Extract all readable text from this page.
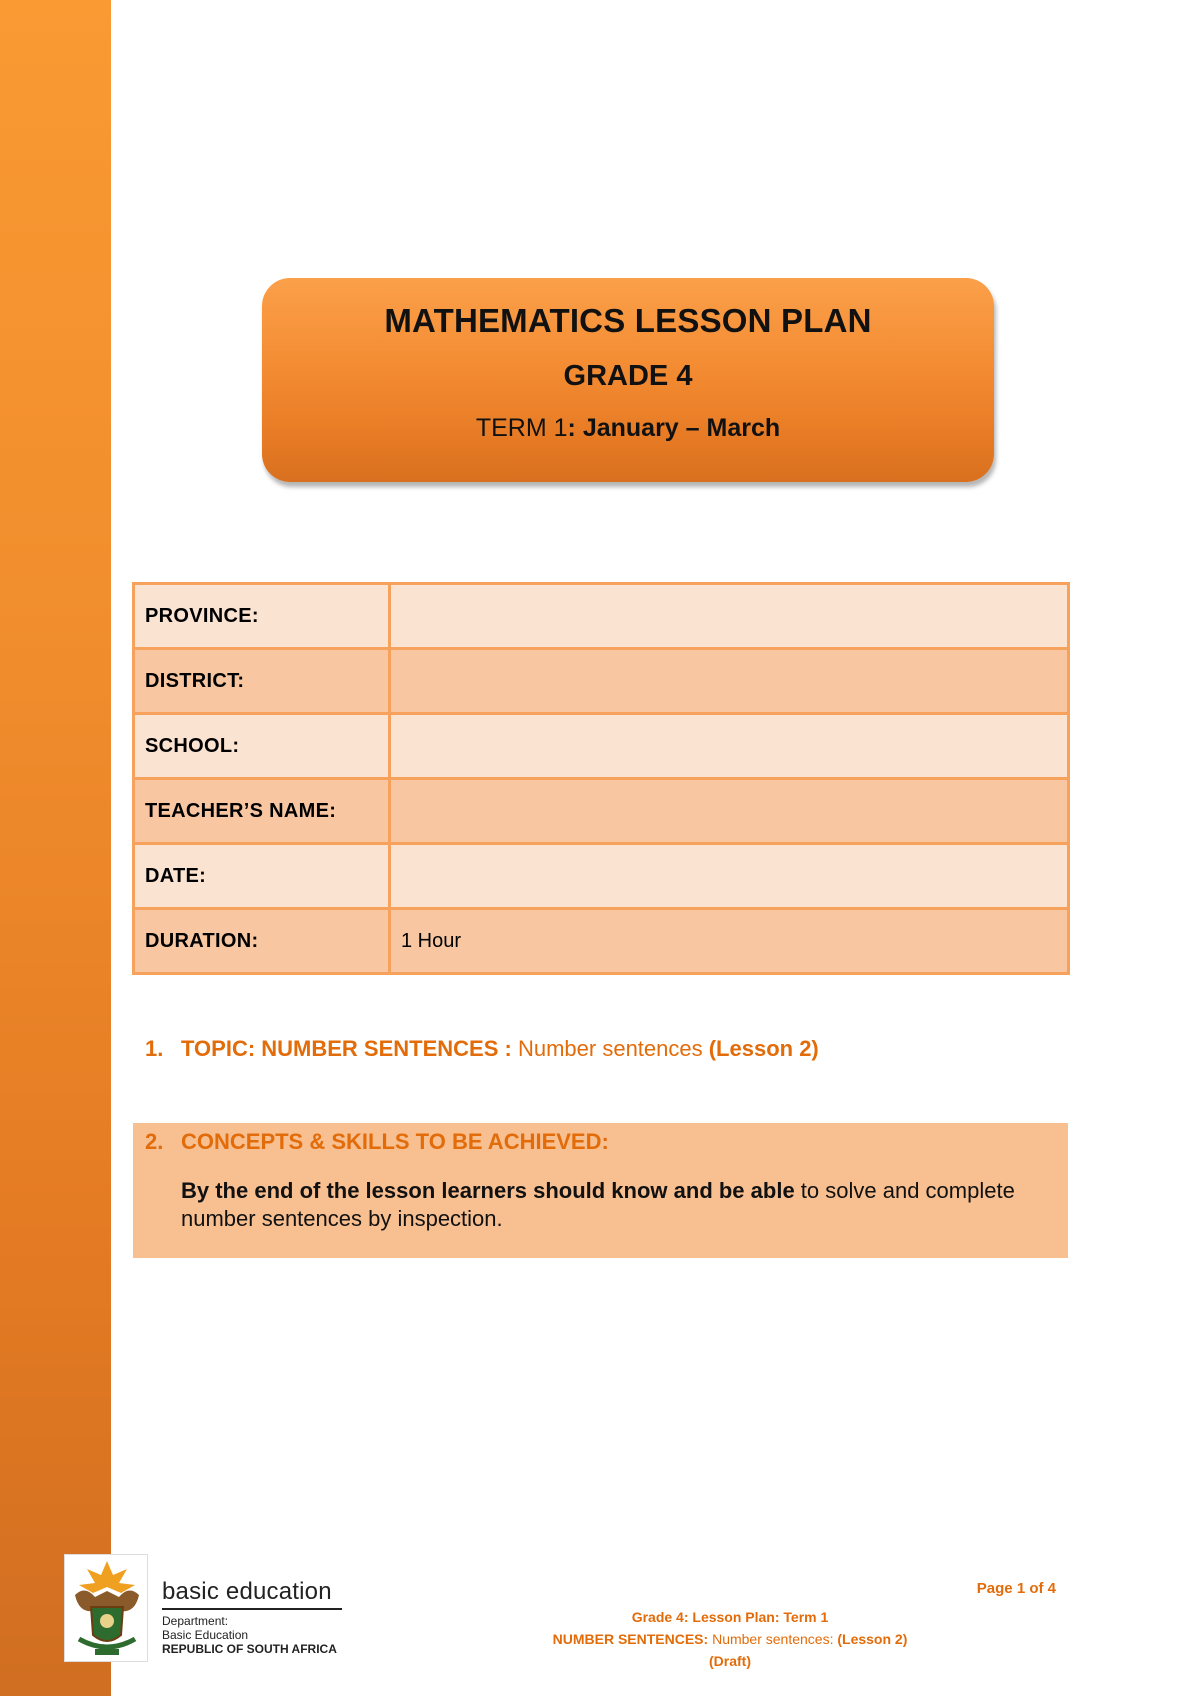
MATHEMATICS LESSON PLAN
GRADE 4
TERM 1: January – March
PROVINCE:	
DISTRICT:	
SCHOOL:	
TEACHER’S NAME:	
DATE:	
DURATION:	1 Hour
1. TOPIC: NUMBER SENTENCES : Number sentences (Lesson 2)
2. CONCEPTS & SKILLS TO BE ACHIEVED:
By the end of the lesson learners should know and be able to solve and complete number sentences by inspection.
basic education
Department:
Basic Education
REPUBLIC OF SOUTH AFRICA
Page 1 of 4
Grade 4: Lesson Plan: Term 1
NUMBER SENTENCES: Number sentences: (Lesson 2)
(Draft)
